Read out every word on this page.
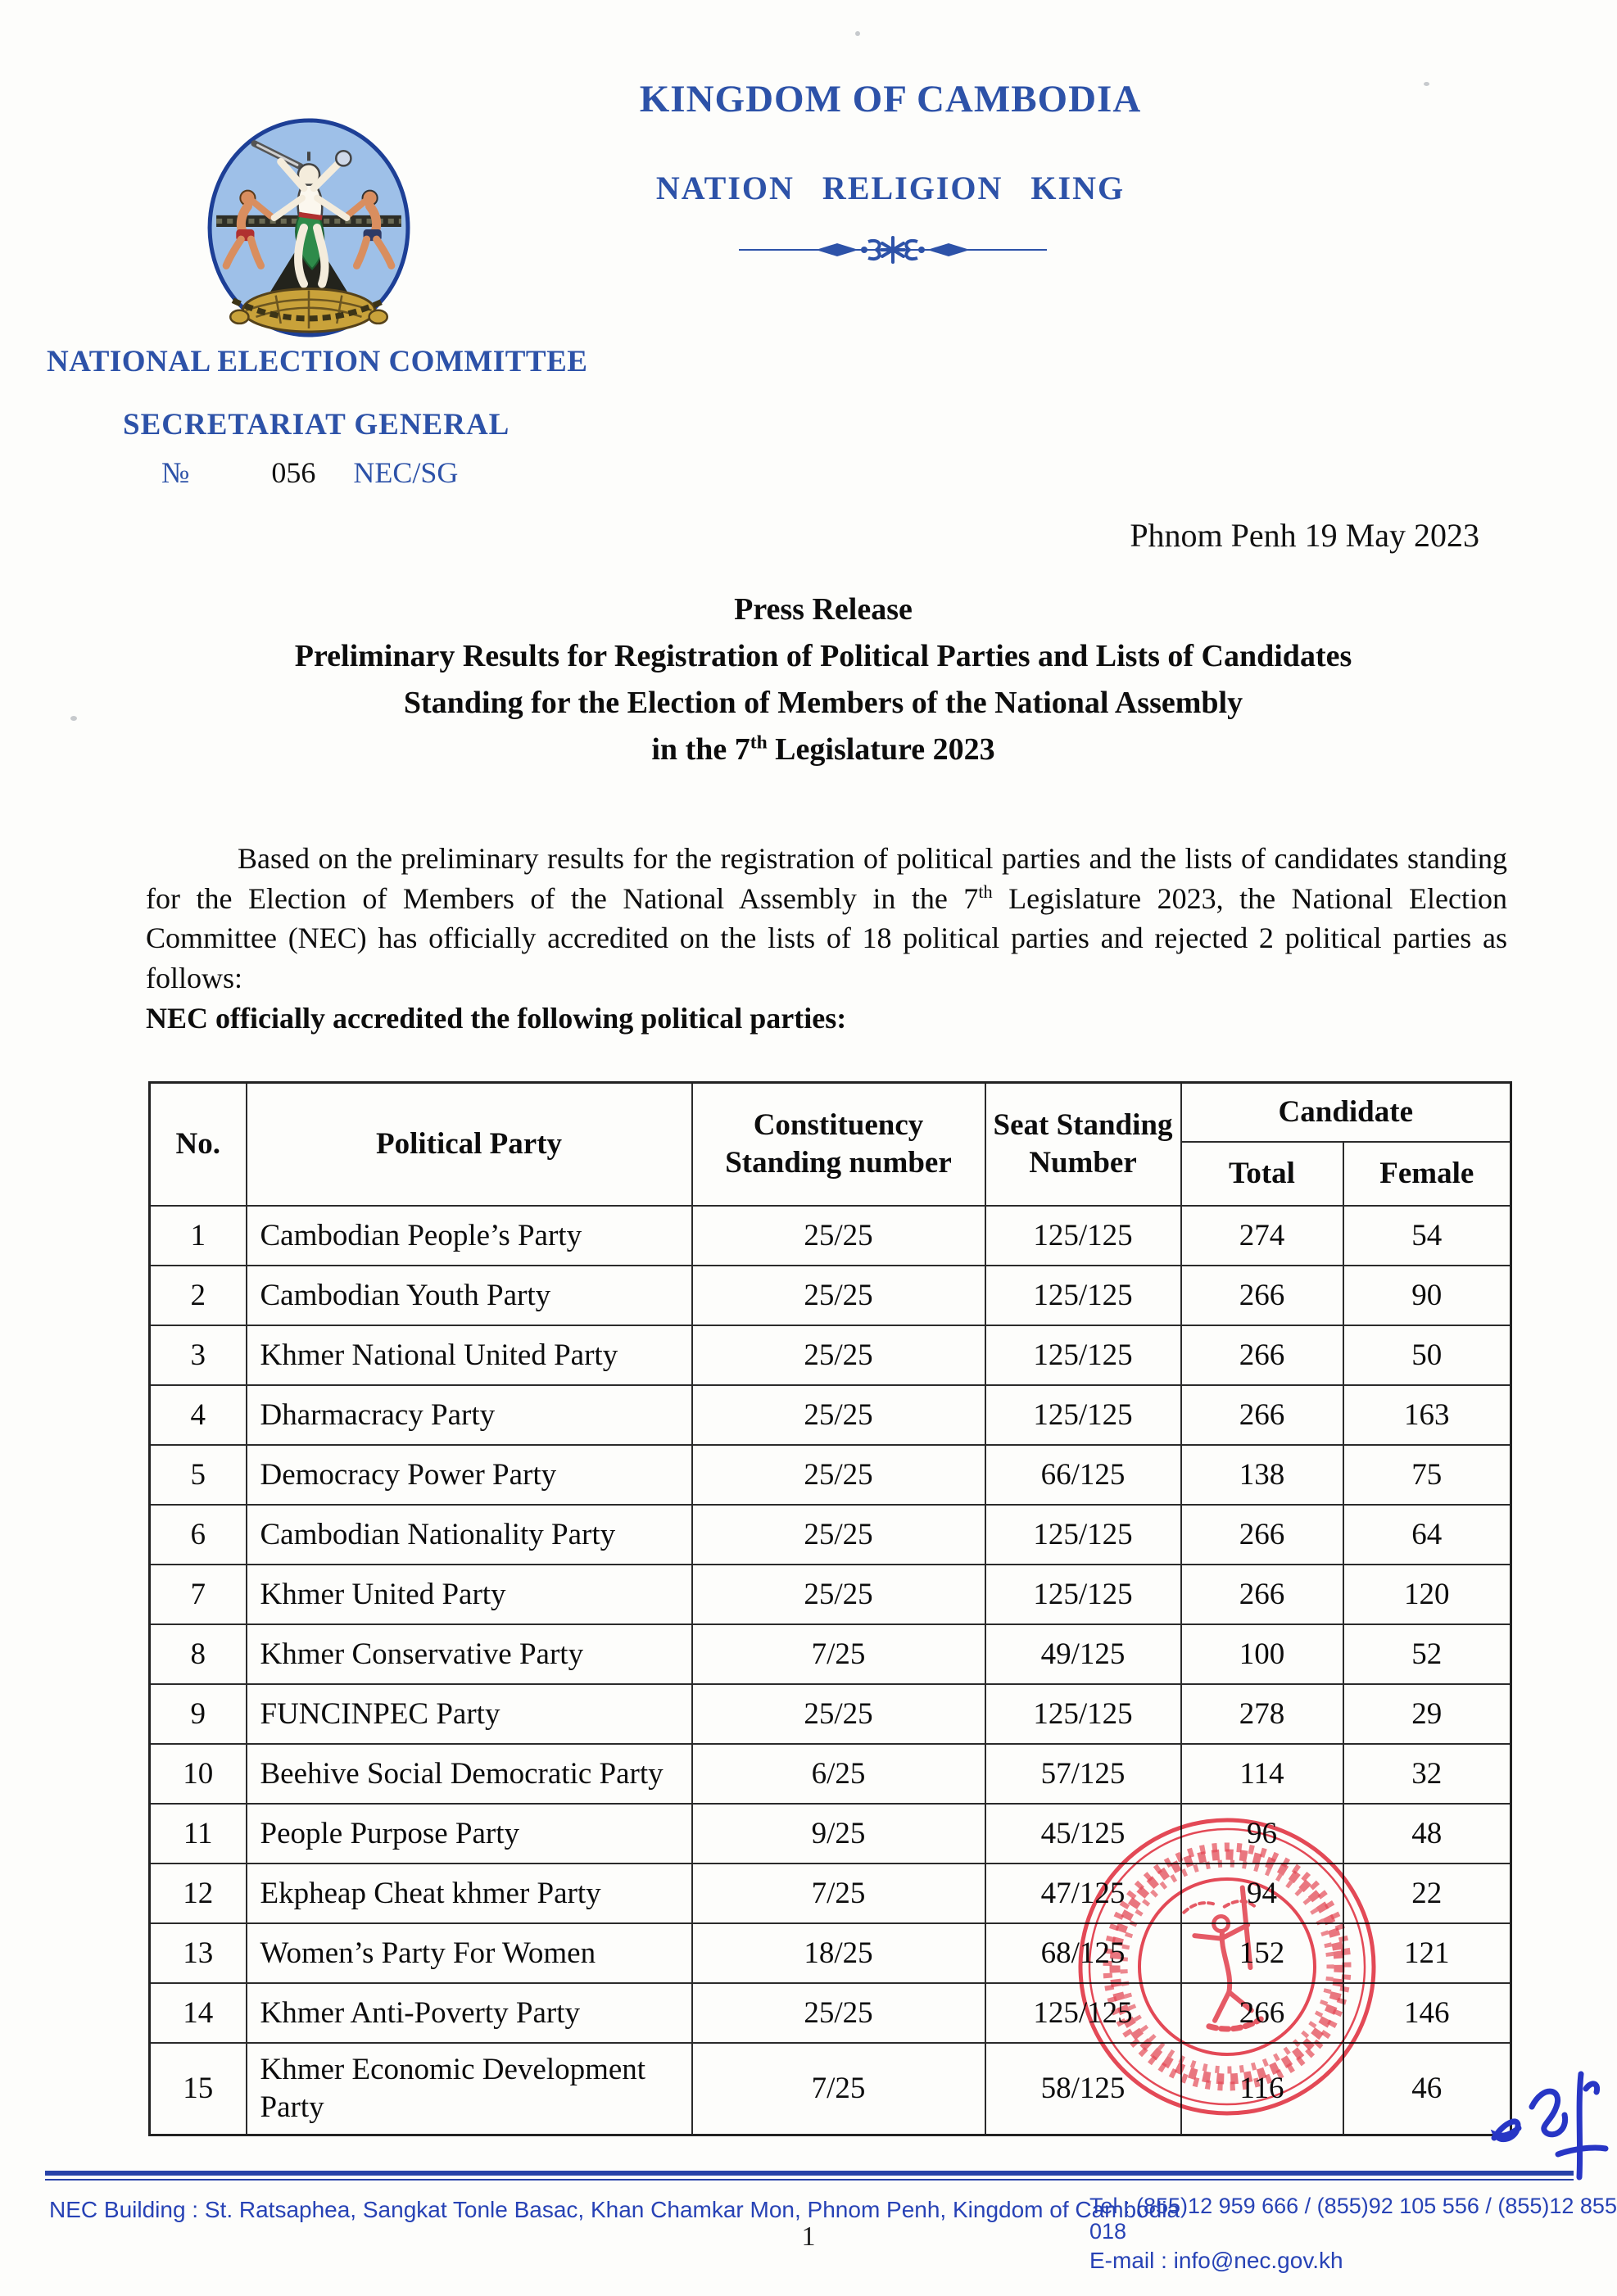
KINGDOM OF CAMBODIA
NATION RELIGION KING
NATIONAL ELECTION COMMITTEE
SECRETARIAT GENERAL
№	056 NEC/SG
Phnom Penh 19 May 2023
Press Release
Preliminary Results for Registration of Political Parties and Lists of Candidates
Standing for the Election of Members of the National Assembly
in the 7th Legislature 2023

Based on the preliminary results for the registration of political parties and the lists of candidates standing for the Election of Members of the National Assembly in the 7th Legislature 2023, the National Election Committee (NEC) has officially accredited on the lists of 18 political parties and rejected 2 political parties as follows:

NEC officially accredited the following political parties:
No.	Political Party	Constituency Standing number	Seat Standing Number	Candidate	
				Total	Female
1	Cambodian People’s Party	25/25	125/125	274	54
2	Cambodian Youth Party	25/25	125/125	266	90
3	Khmer National United Party	25/25	125/125	266	50
4	Dharmacracy Party	25/25	125/125	266	163
5	Democracy Power Party	25/25	66/125	138	75
6	Cambodian Nationality Party	25/25	125/125	266	64
7	Khmer United Party	25/25	125/125	266	120
8	Khmer Conservative Party	7/25	49/125	100	52
9	FUNCINPEC Party	25/25	125/125	278	29
10	Beehive Social Democratic Party	6/25	57/125	114	32
11	People Purpose Party	9/25	45/125	96	48
12	Ekpheap Cheat khmer Party	7/25	47/125	94	22
13	Women’s Party For Women	18/25	68/125	152	121
14	Khmer Anti-Poverty Party	25/25	125/125	266	146
15	Khmer Economic Development Party	7/25	58/125	116	46
NEC Building : St. Ratsaphea, Sangkat Tonle Basac, Khan Chamkar Mon, Phnom Penh, Kingdom of Cambodia
Tel : (855)12 959 666 / (855)92 105 556 / (855)12 855 018
E-mail : info@nec.gov.kh
1
